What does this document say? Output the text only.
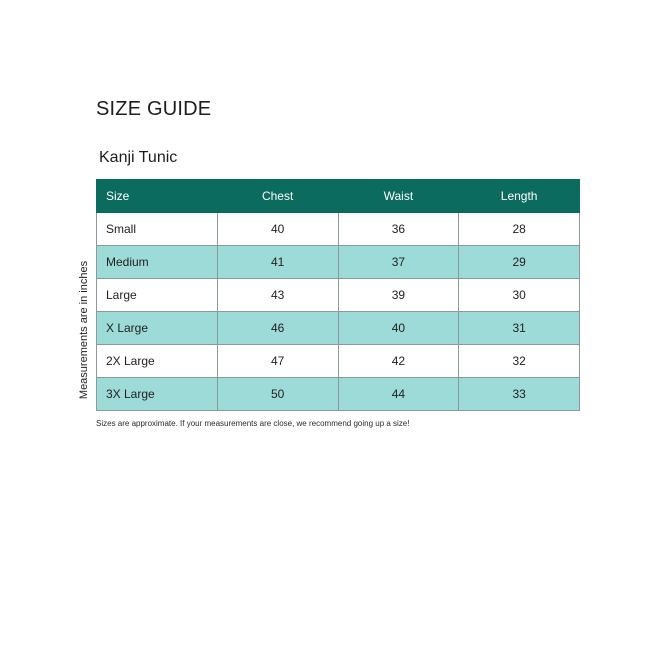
SIZE GUIDE
Kanji Tunic
Measurements are in inches
Size	Chest	Waist	Length
Small	40	36	28
Medium	41	37	29
Large	43	39	30
X Large	46	40	31
2X Large	47	42	32
3X Large	50	44	33
Sizes are approximate. If your measurements are close, we recommend going up a size!
